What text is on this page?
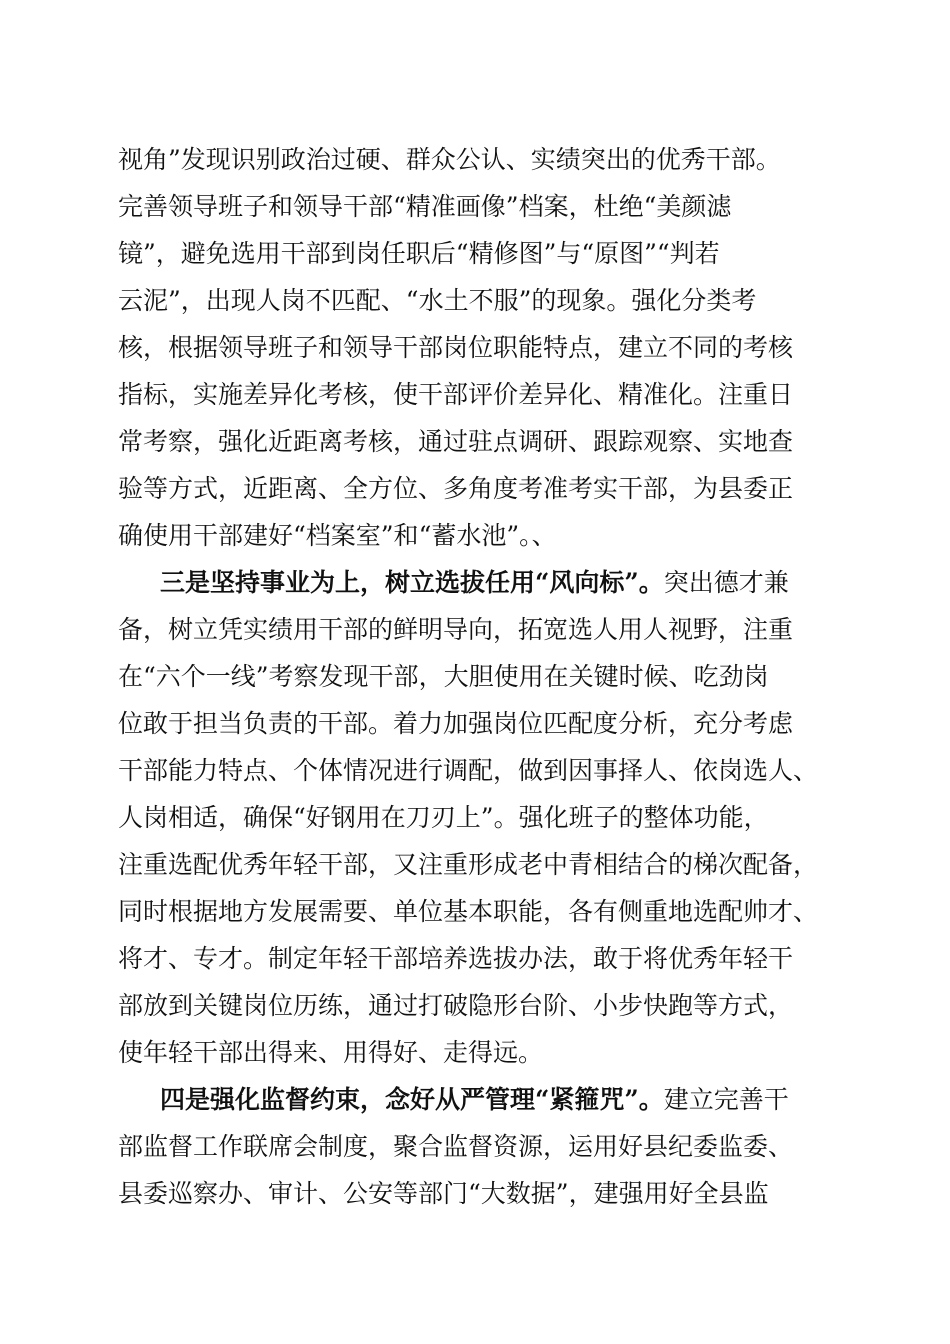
视角”发现识别政治过硬、群众公认、实绩突出的优秀干部。
完善领导班子和领导干部“精准画像”档案，杜绝“美颜滤
镜”，避免选用干部到岗任职后“精修图”与“原图”“判若
云泥”，出现人岗不匹配、“水土不服”的现象。强化分类考
核，根据领导班子和领导干部岗位职能特点，建立不同的考核
指标，实施差异化考核，使干部评价差异化、精准化。注重日
常考察，强化近距离考核，通过驻点调研、跟踪观察、实地查
验等方式，近距离、全方位、多角度考准考实干部，为县委正
确使用干部建好“档案室”和“蓄水池”。、
三是坚持事业为上，树立选拔任用“风向标”。突出德才兼
备，树立凭实绩用干部的鲜明导向，拓宽选人用人视野，注重
在“六个一线”考察发现干部，大胆使用在关键时候、吃劲岗
位敢于担当负责的干部。着力加强岗位匹配度分析，充分考虑
干部能力特点、个体情况进行调配，做到因事择人、依岗选人、
人岗相适，确保“好钢用在刀刃上”。强化班子的整体功能，
注重选配优秀年轻干部，又注重形成老中青相结合的梯次配备，
同时根据地方发展需要、单位基本职能，各有侧重地选配帅才、
将才、专才。制定年轻干部培养选拔办法，敢于将优秀年轻干
部放到关键岗位历练，通过打破隐形台阶、小步快跑等方式，
使年轻干部出得来、用得好、走得远。
四是强化监督约束，念好从严管理“紧箍咒”。建立完善干
部监督工作联席会制度，聚合监督资源，运用好县纪委监委、
县委巡察办、审计、公安等部门“大数据”，建强用好全县监
